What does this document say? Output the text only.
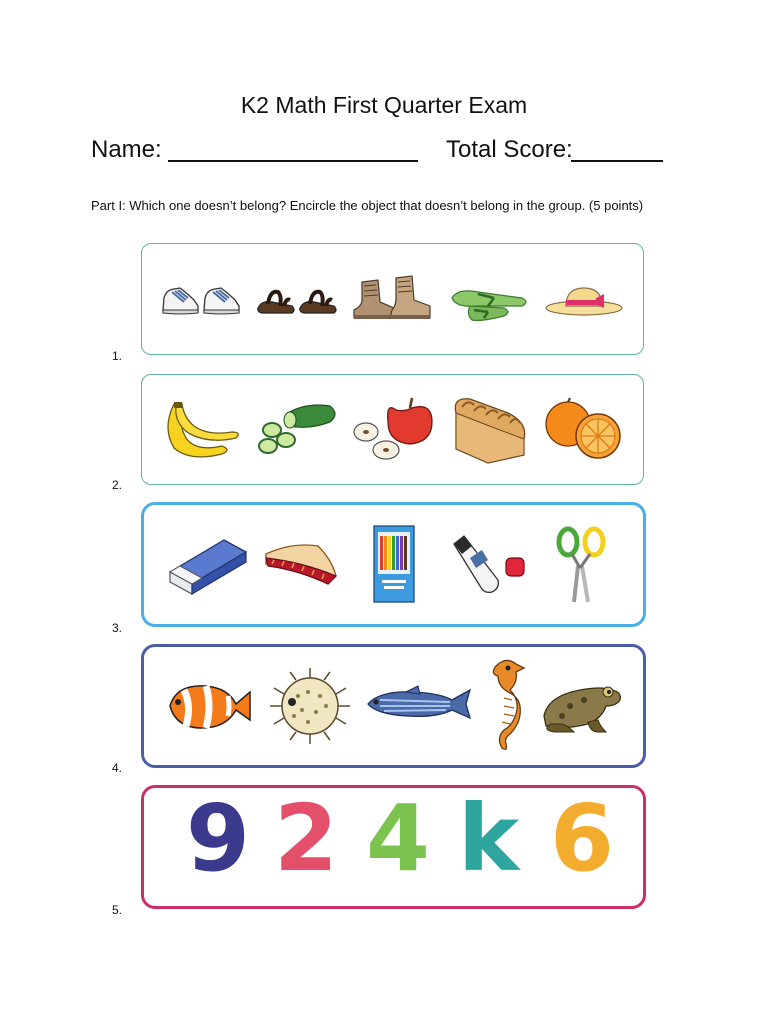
K2 Math First Quarter Exam
Name:	Total Score:
Part I: Which one doesn’t belong? Encircle the object that doesn’t belong in the group. (5 points)
1.
2.
3.
4.
5.
9 2 4 k 6
